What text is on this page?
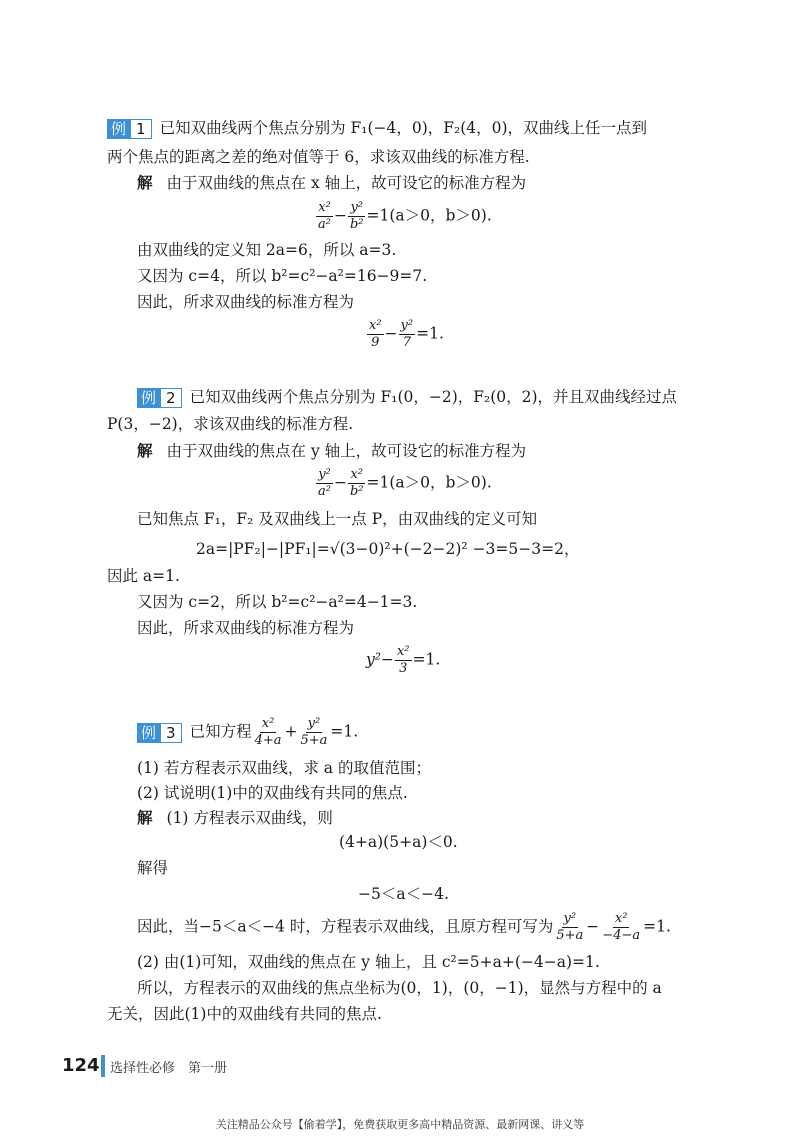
例 1 已知双曲线两个焦点分别为 F₁(−4，0)，F₂(4，0)，双曲线上任一点到
两个焦点的距离之差的绝对值等于 6，求该双曲线的标准方程.
解 由于双曲线的焦点在 x 轴上，故可设它的标准方程为
$\frac{\text{x²}}{\text{a²}} - \frac{\text{y²}}{\text{b²}} =1(a>0$，b＞0).
由双曲线的定义知 2a=6，所以 a=3.
又因为 c=4，所以 b²=c²−a²=16−9=7.
因此，所求双曲线的标准方程为
$\frac{\text{x²}}{9} - \frac{\text{y²}}{7} =1$.
例 2 已知双曲线两个焦点分别为 F₁(0，−2)，F₂(0，2)，并且双曲线经过点
P(3，−2)，求该双曲线的标准方程.
解 由于双曲线的焦点在 y 轴上，故可设它的标准方程为
$\frac{\text{y²}}{\text{a²}} - \frac{\text{x²}}{\text{b²}} =1(a>0$，b＞0).
已知焦点 F₁，F₂ 及双曲线上一点 P，由双曲线的定义可知
2a=|PF₂|−|PF₁|=√(3−0)²+(−2−2)² −3=5−3=2，
因此 a=1.
又因为 c=2，所以 b²=c²−a²=4−1=3.
因此，所求双曲线的标准方程为
$y^2- \frac{\text{x²}}{3} =1$.
例 3 已知方程 $\frac{\text{x²}}{4+a} + \frac{\text{y²}}{5+a} =1$.
(1) 若方程表示双曲线，求 a 的取值范围；
(2) 试说明(1)中的双曲线有共同的焦点.
解 (1) 方程表示双曲线，则
(4+a)(5+a)＜0.
解得
−5＜a＜−4.
因此，当−5＜a＜−4 时，方程表示双曲线，且原方程可写为 $\frac{\text{y²}}{5+a} - \frac{\text{x²}}{-4-a} =1$.
(2) 由(1)可知，双曲线的焦点在 y 轴上，且 c²=5+a+(−4−a)=1.
所以，方程表示的双曲线的焦点坐标为(0，1)，(0，−1)，显然与方程中的 a
无关，因此(1)中的双曲线有共同的焦点.
124 选择性必修　第一册
关注精品公众号【偷着学】，免费获取更多高中精品资源、最新网课、讲义等
